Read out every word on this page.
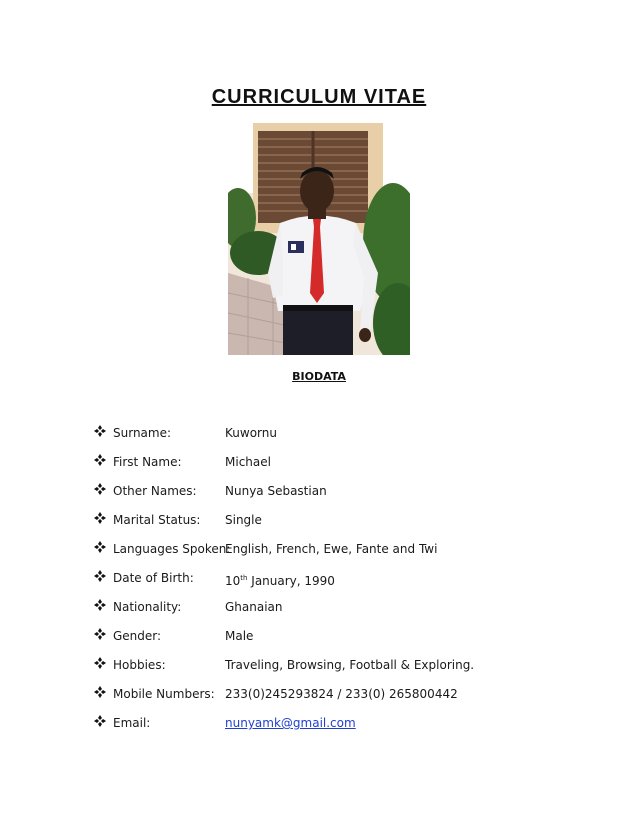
CURRICULUM VITAE
BIODATA
Surname:	Kuwornu
First Name:	Michael
Other Names: Nunya Sebastian
Marital Status: Single
Languages Spoken:
English, French, Ewe, Fante and Twi
Date of Birth:	10th January, 1990
Nationality:	Ghanaian
Gender:	Male
Hobbies:	Traveling, Browsing, Football & Exploring.
Mobile Numbers: 233(0)245293824 / 233(0) 265800442
Email:	nunyamk@gmail.com
